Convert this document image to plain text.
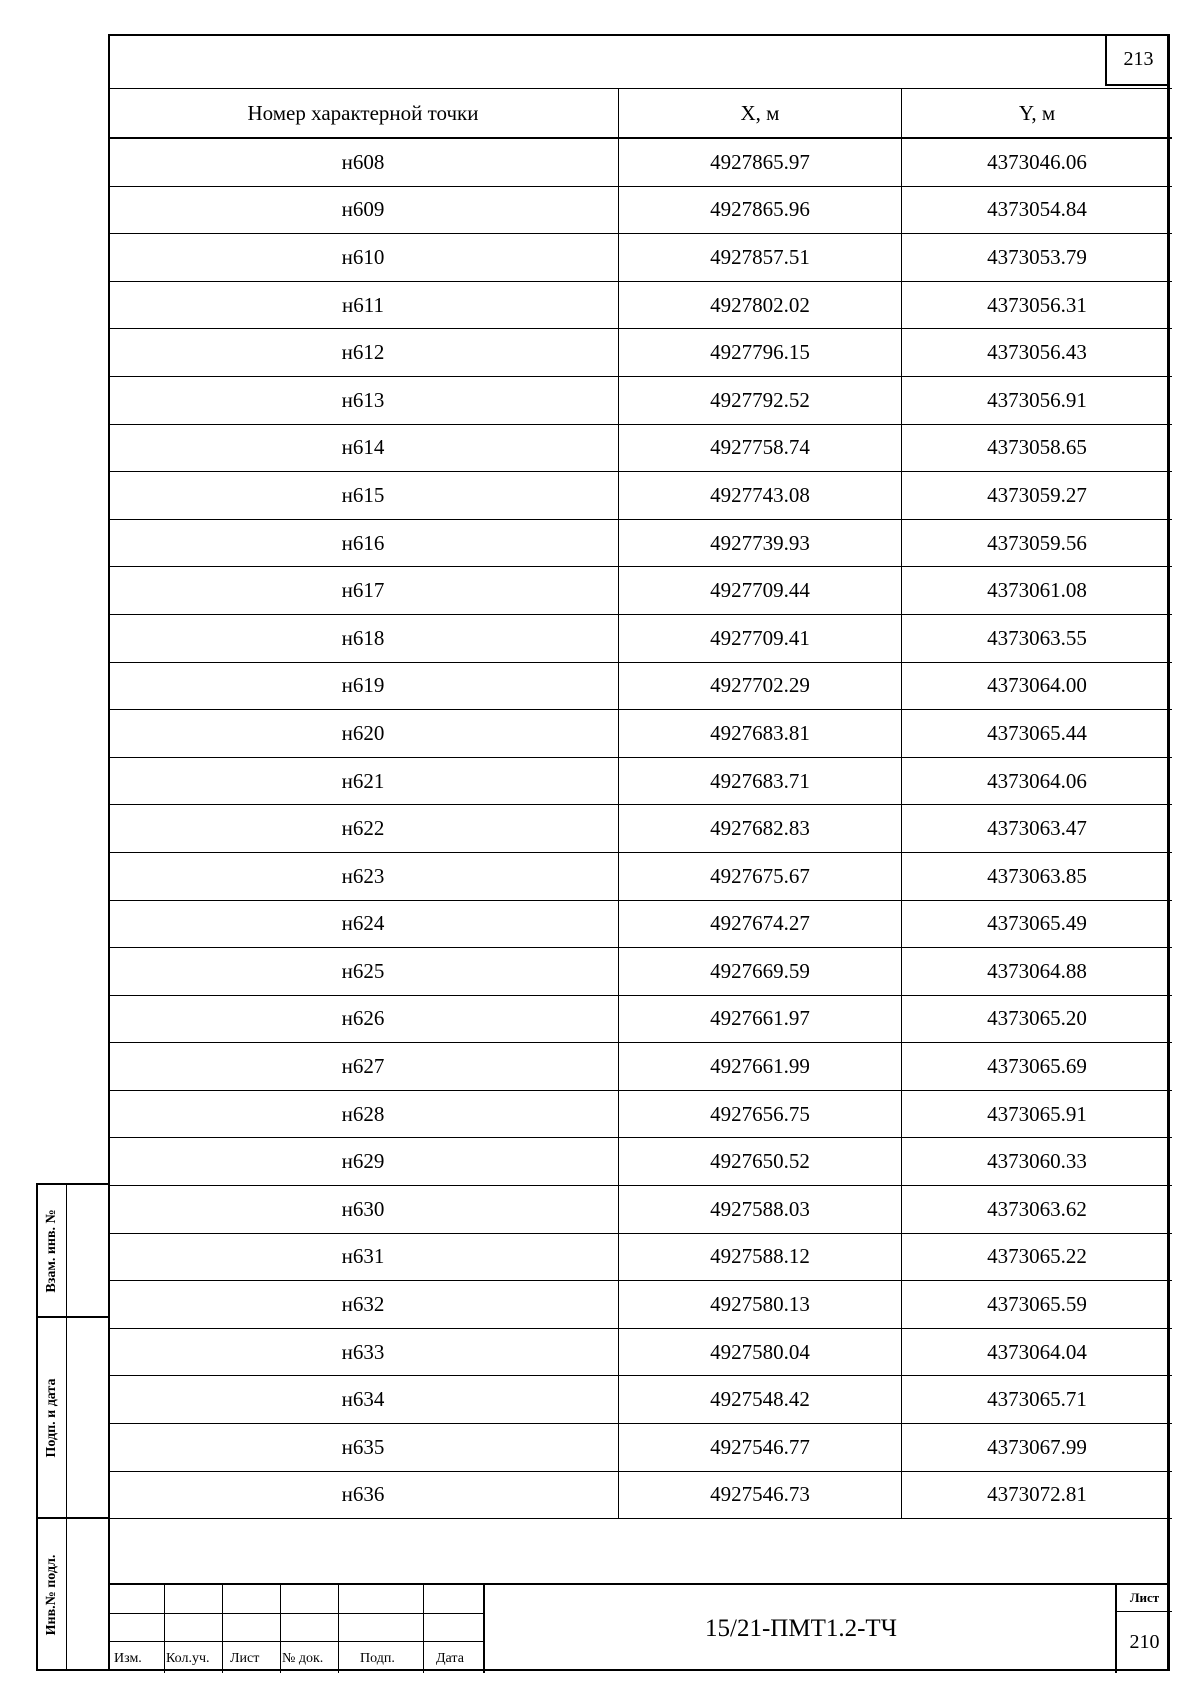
213
Номер характерной точки	X, м	Y, м
н608	4927865.97	4373046.06
н609	4927865.96	4373054.84
н610	4927857.51	4373053.79
н611	4927802.02	4373056.31
н612	4927796.15	4373056.43
н613	4927792.52	4373056.91
н614	4927758.74	4373058.65
н615	4927743.08	4373059.27
н616	4927739.93	4373059.56
н617	4927709.44	4373061.08
н618	4927709.41	4373063.55
н619	4927702.29	4373064.00
н620	4927683.81	4373065.44
н621	4927683.71	4373064.06
н622	4927682.83	4373063.47
н623	4927675.67	4373063.85
н624	4927674.27	4373065.49
н625	4927669.59	4373064.88
н626	4927661.97	4373065.20
н627	4927661.99	4373065.69
н628	4927656.75	4373065.91
н629	4927650.52	4373060.33
н630	4927588.03	4373063.62
н631	4927588.12	4373065.22
н632	4927580.13	4373065.59
н633	4927580.04	4373064.04
н634	4927548.42	4373065.71
н635	4927546.77	4373067.99
н636	4927546.73	4373072.81
Взам. инв. №
Подп. и дата
Инв.№ подл.
Изм. Кол.уч. Лист № док.	Подп.	Дата
15/21-ПМТ1.2-ТЧ
Лист
210
